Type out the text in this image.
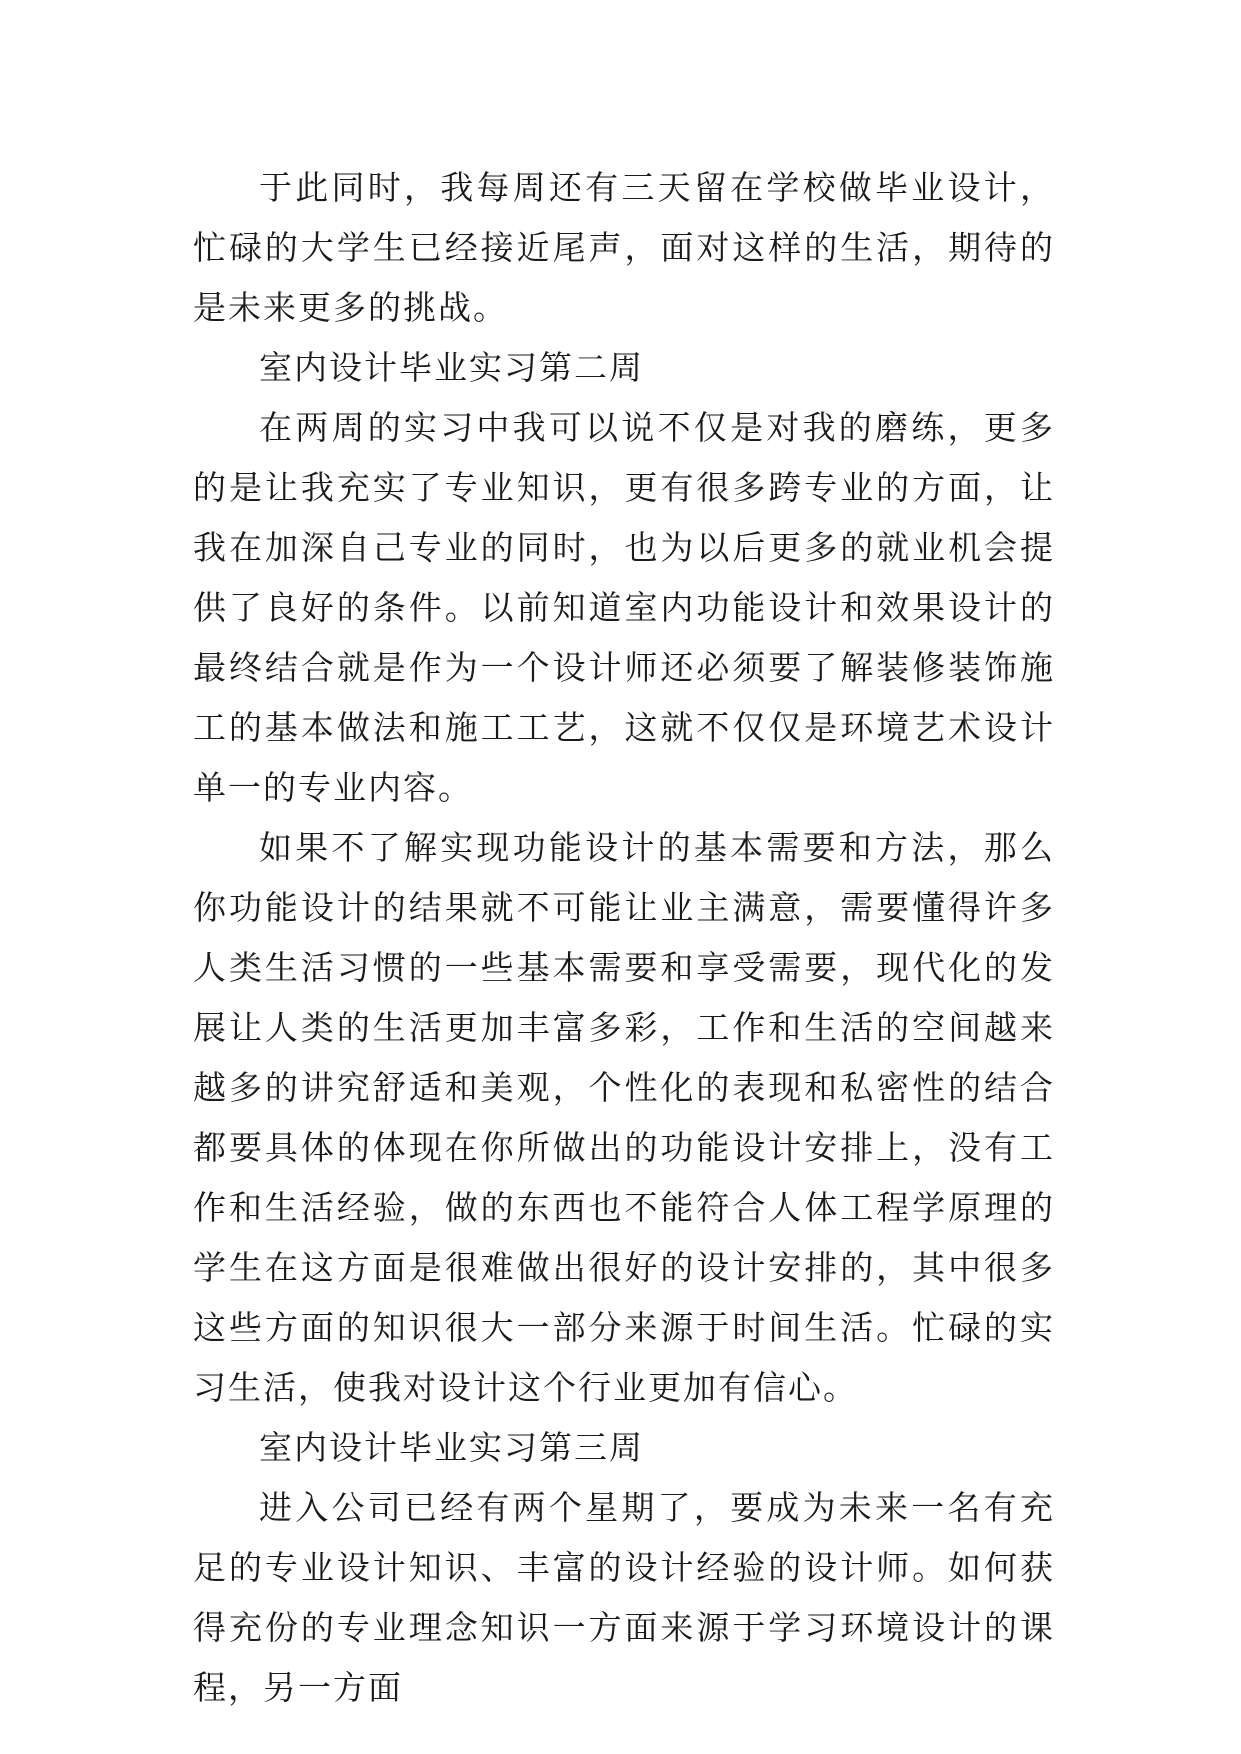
于此同时，我每周还有三天留在学校做毕业设计，忙碌的大学生已经接近尾声，面对这样的生活，期待的是未来更多的挑战。

室内设计毕业实习第二周

在两周的实习中我可以说不仅是对我的磨练，更多的是让我充实了专业知识，更有很多跨专业的方面，让我在加深自己专业的同时，也为以后更多的就业机会提供了良好的条件。以前知道室内功能设计和效果设计的最终结合就是作为一个设计师还必须要了解装修装饰施工的基本做法和施工工艺，这就不仅仅是环境艺术设计单一的专业内容。

如果不了解实现功能设计的基本需要和方法，那么你功能设计的结果就不可能让业主满意，需要懂得许多人类生活习惯的一些基本需要和享受需要，现代化的发展让人类的生活更加丰富多彩，工作和生活的空间越来越多的讲究舒适和美观，个性化的表现和私密性的结合都要具体的体现在你所做出的功能设计安排上，没有工作和生活经验，做的东西也不能符合人体工程学原理的学生在这方面是很难做出很好的设计安排的，其中很多这些方面的知识很大一部分来源于时间生活。忙碌的实习生活，使我对设计这个行业更加有信心。

室内设计毕业实习第三周

进入公司已经有两个星期了，要成为未来一名有充足的专业设计知识、丰富的设计经验的设计师。如何获得充份的专业理念知识一方面来源于学习环境设计的课程，另一方面
